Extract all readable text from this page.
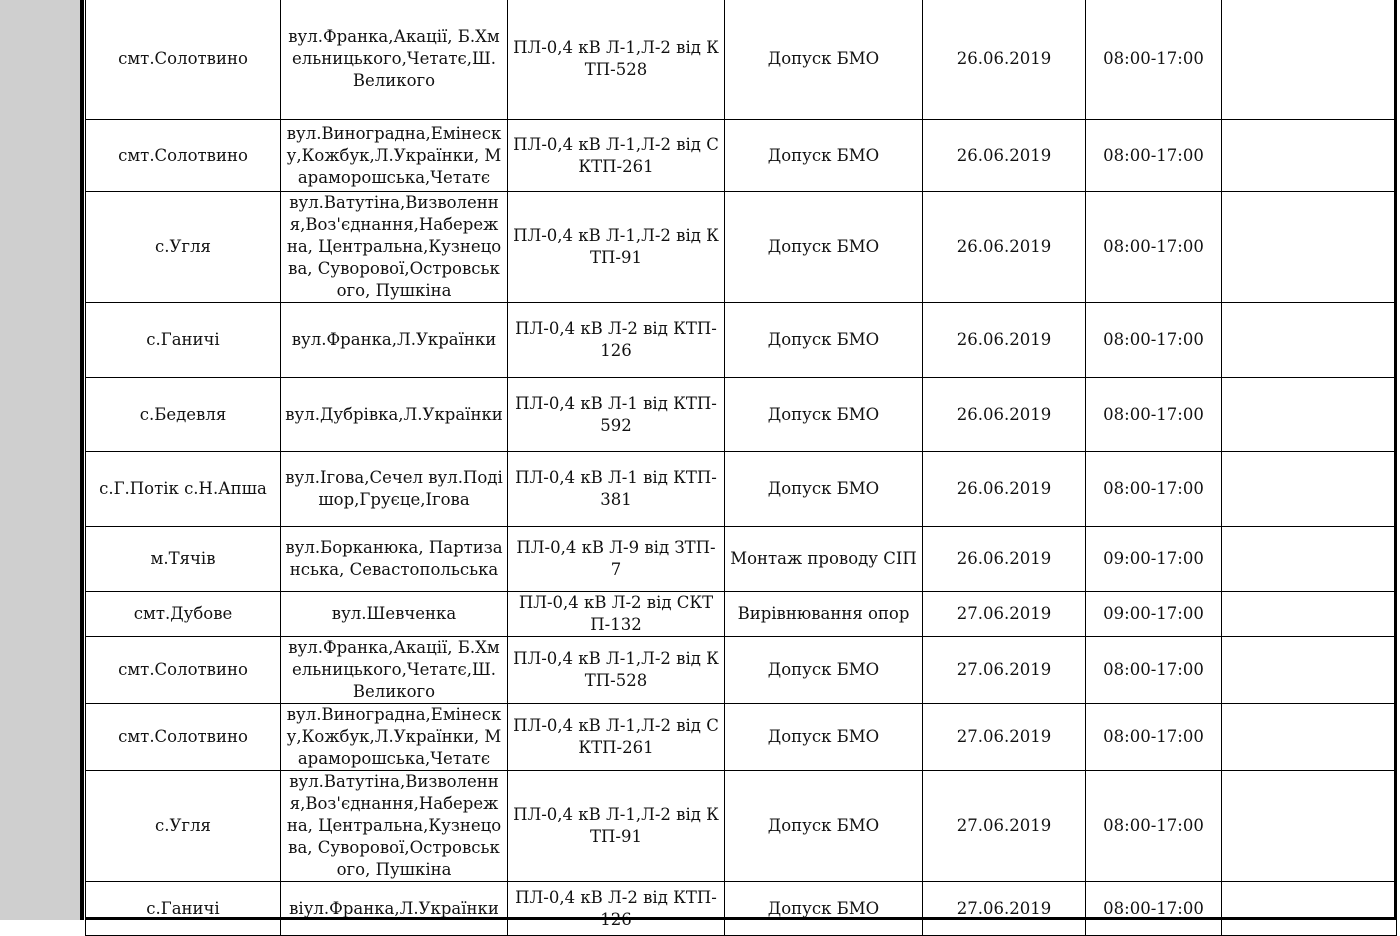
смт.Солотвино	вул.Франка,Акації, Б.Хмельницького,Четатє,Ш. Великого	ПЛ-0,4 кВ Л-1,Л-2 від КТП-528	Допуск БМО	26.06.2019	08:00-17:00	
смт.Солотвино	вул.Виноградна,Емінеску,Кожбук,Л.Українки, Мараморошська,Четатє	ПЛ-0,4 кВ Л-1,Л-2 від СКТП-261	Допуск БМО	26.06.2019	08:00-17:00	
с.Угля	вул.Ватутіна,Визволення,Воз'єднання,Набережна, Центральна,Кузнецова, Суворової,Островського, Пушкіна	ПЛ-0,4 кВ Л-1,Л-2 від КТП-91	Допуск БМО	26.06.2019	08:00-17:00	
с.Ганичі	вул.Франка,Л.Українки	ПЛ-0,4 кВ Л-2 від КТП-126	Допуск БМО	26.06.2019	08:00-17:00	
с.Бедевля	вул.Дубрівка,Л.Українки	ПЛ-0,4 кВ Л-1 від КТП-592	Допуск БМО	26.06.2019	08:00-17:00	
с.Г.Потік с.Н.Апша	вул.Ігова,Сечел вул.Подішор,Груєце,Ігова	ПЛ-0,4 кВ Л-1 від КТП-381	Допуск БМО	26.06.2019	08:00-17:00	
м.Тячів	вул.Борканюка, Партизанська, Севастопольська	ПЛ-0,4 кВ Л-9 від ЗТП-7	Монтаж проводу СІП	26.06.2019	09:00-17:00	
смт.Дубове	вул.Шевченка	ПЛ-0,4 кВ Л-2 від СКТП-132	Вирівнювання опор	27.06.2019	09:00-17:00	
смт.Солотвино	вул.Франка,Акації, Б.Хмельницького,Четатє,Ш. Великого	ПЛ-0,4 кВ Л-1,Л-2 від КТП-528	Допуск БМО	27.06.2019	08:00-17:00	
смт.Солотвино	вул.Виноградна,Емінеску,Кожбук,Л.Українки, Мараморошська,Четатє	ПЛ-0,4 кВ Л-1,Л-2 від СКТП-261	Допуск БМО	27.06.2019	08:00-17:00	
с.Угля	вул.Ватутіна,Визволення,Воз'єднання,Набережна, Центральна,Кузнецова, Суворової,Островського, Пушкіна	ПЛ-0,4 кВ Л-1,Л-2 від КТП-91	Допуск БМО	27.06.2019	08:00-17:00	
с.Ганичі	віул.Франка,Л.Українки	ПЛ-0,4 кВ Л-2 від КТП-	Допуск БМО	27.06.2019	08:00-17:00	
